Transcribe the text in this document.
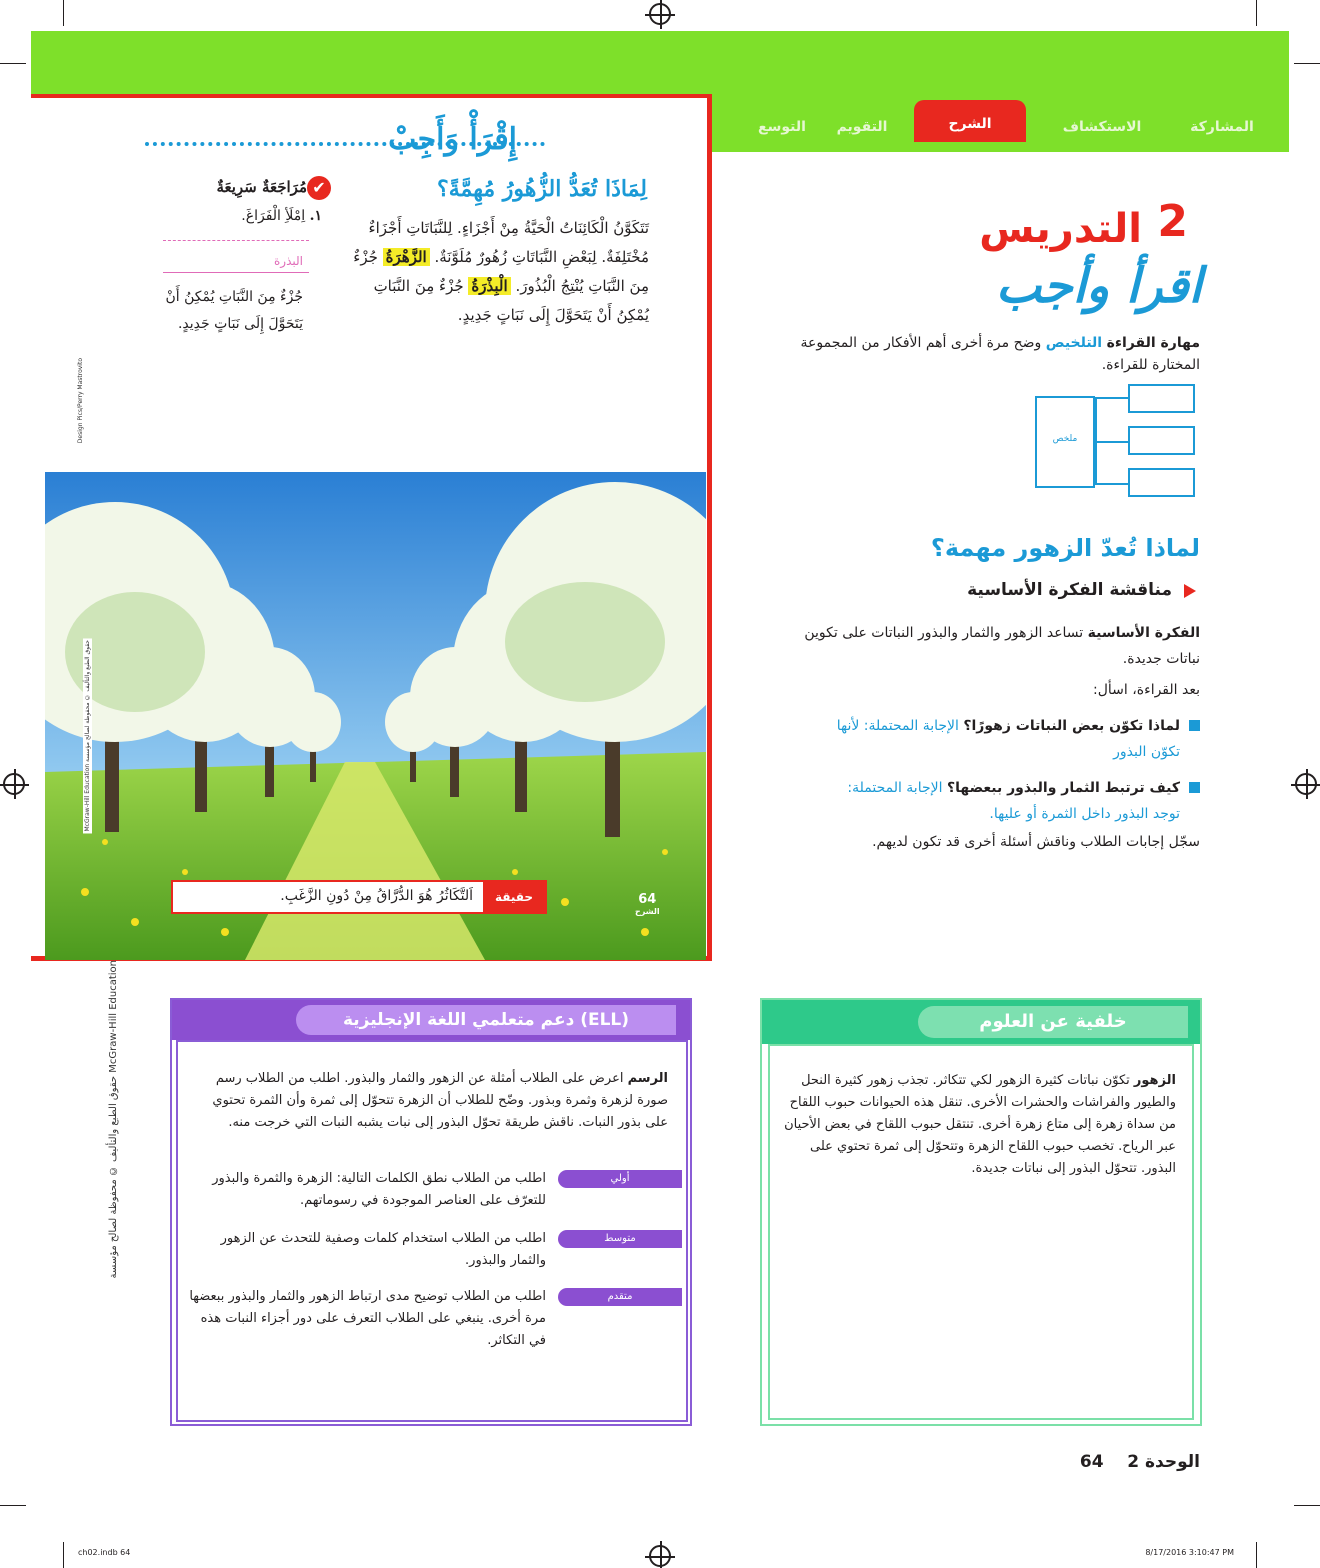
المشاركة
الاستكشاف
الشرح
التقويم
التوسع
إِقْرَأْ وَأَجِبْ
لِمَاذَا تُعَدُّ الزُّهُورُ مُهِمَّةً؟
تَتَكَوَّنُ الْكَائِنَاتُ الْحَيَّةُ مِنْ أَجْزَاءٍ. لِلنَّبَاتَاتِ أَجْزَاءٌ مُخْتَلِفَةٌ. لِبَعْضِ النَّبَاتَاتِ زُهُورٌ مُلَوَّنَةٌ. الزَّهْرَةُ جُزْءٌ مِنَ النَّبَاتِ يُنْتِجُ الْبُذُورَ. الْبِذْرَةُ جُزْءٌ مِنَ النَّبَاتِ يُمْكِنُ أَنْ يَتَحَوَّلَ إِلَى نَبَاتٍ جَدِيدٍ.
✔
مُرَاجَعَةٌ سَرِيعَةٌ
١. اِمْلَأِ الْفَرَاغَ.
البذرة
جُزْءٌ مِنَ النَّبَاتِ يُمْكِنُ أَنْ يَتَحَوَّلَ إِلَى نَبَاتٍ جَدِيدٍ.
Design Pics/Perry Mastrovito
McGraw-Hill Education حقوق الطبع والتأليف © محفوظة لصالح مؤسسة
حقيقة
اَلتَّكَاثُرُ هُوَ الدُّرَّاقُ مِنْ دُونِ الزَّغَبِ.	64
الشرح
2
التدريس
اقرأ وأجب
مهارة القراءة التلخيص وضح مرة أخرى أهم الأفكار من المجموعة المختارة للقراءة.
ملخص
لماذا تُعدّ الزهور مهمة؟
مناقشة الفكرة الأساسية
الفكرة الأساسية تساعد الزهور والثمار والبذور النباتات على تكوين نباتات جديدة.
بعد القراءة، اسأل:
لماذا تكوّن بعض النباتات زهورًا؟ الإجابة المحتملة: لأنها تكوّن البذور
كيف ترتبط الثمار والبذور ببعضها؟ الإجابة المحتملة: توجد البذور داخل الثمرة أو عليها.
سجّل إجابات الطلاب وناقش أسئلة أخرى قد تكون لديهم.
خلفية عن العلوم
الزهور تكوّن نباتات كثيرة الزهور لكي تتكاثر. تجذب زهور كثيرة النحل والطيور والفراشات والحشرات الأخرى. تنقل هذه الحيوانات حبوب اللقاح من سداة زهرة إلى متاع زهرة أخرى. تنتقل حبوب اللقاح في بعض الأحيان عبر الرياح. تخصب حبوب اللقاح الزهرة وتتحوّل إلى ثمرة تحتوي على البذور. تتحوّل البذور إلى نباتات جديدة.
دعم متعلمي اللغة الإنجليزية (ELL)
الرسم اعرض على الطلاب أمثلة عن الزهور والثمار والبذور. اطلب من الطلاب رسم صورة لزهرة وثمرة وبذور. وضّح للطلاب أن الزهرة تتحوّل إلى ثمرة وأن الثمرة تحتوي على بذور النبات. ناقش طريقة تحوّل البذور إلى نبات يشبه النبات التي خرجت منه.
أولي
اطلب من الطلاب نطق الكلمات التالية: الزهرة والثمرة والبذور للتعرّف على العناصر الموجودة في رسوماتهم.
متوسط
اطلب من الطلاب استخدام كلمات وصفية للتحدث عن الزهور والثمار والبذور.
متقدم
اطلب من الطلاب توضيح مدى ارتباط الزهور والثمار والبذور ببعضها مرة أخرى. ينبغي على الطلاب التعرف على دور أجزاء النبات هذه في التكاثر.
حقوق الطبع والتأليف © محفوظة لصالح مؤسسة McGraw-Hill Education
الوحدة 2    64
ch02.indb 64	8/17/2016 3:10:47 PM
